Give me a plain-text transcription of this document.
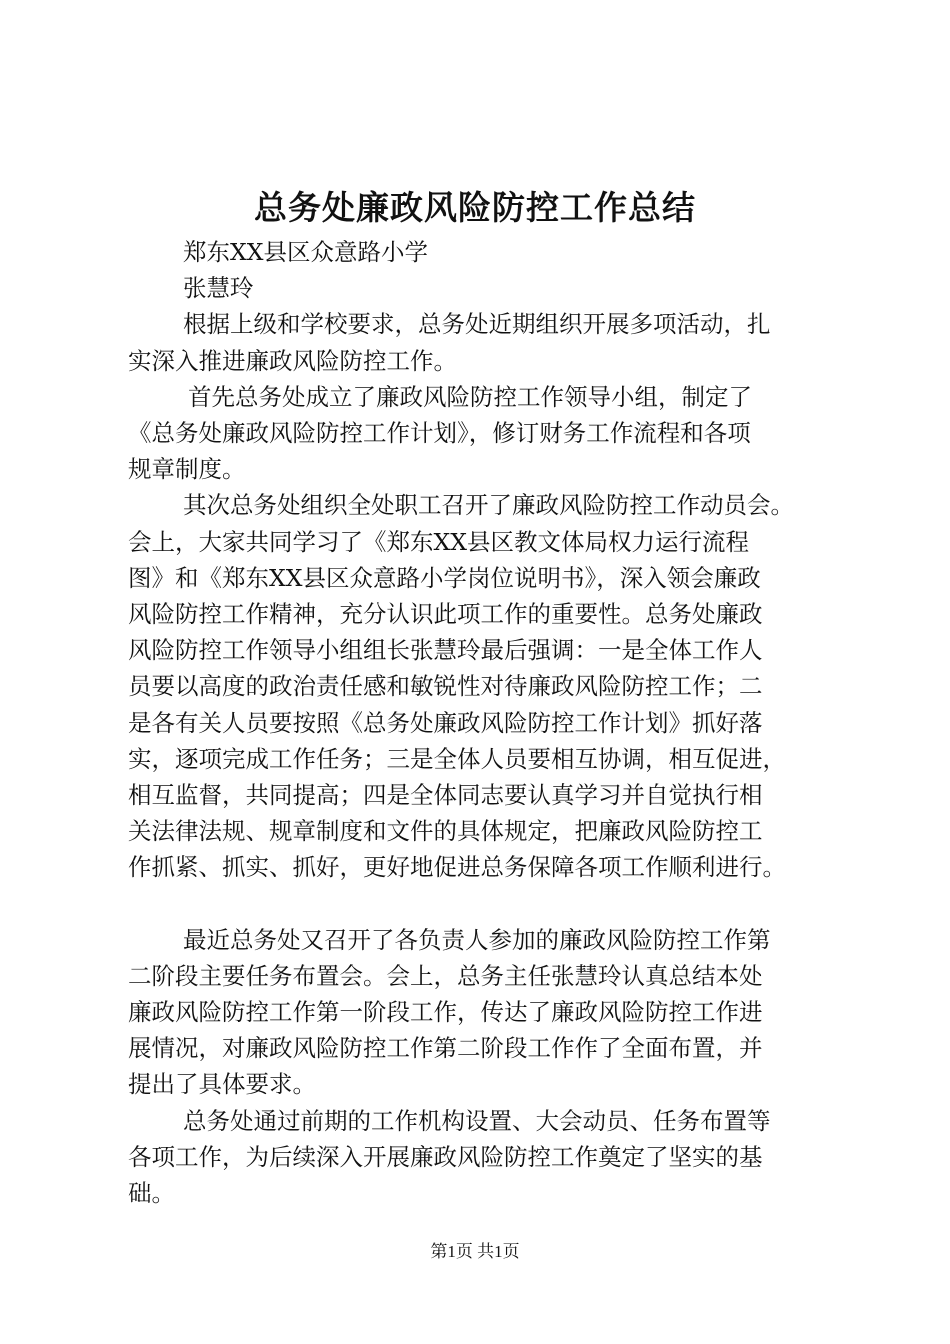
总务处廉政风险防控工作总结
郑东XX县区众意路小学
张慧玲
根据上级和学校要求，总务处近期组织开展多项活动，扎
实深入推进廉政风险防控工作。
首先总务处成立了廉政风险防控工作领导小组，制定了
《总务处廉政风险防控工作计划》，修订财务工作流程和各项
规章制度。
其次总务处组织全处职工召开了廉政风险防控工作动员会。
会上，大家共同学习了《郑东XX县区教文体局权力运行流程
图》和《郑东XX县区众意路小学岗位说明书》，深入领会廉政
风险防控工作精神，充分认识此项工作的重要性。总务处廉政
风险防控工作领导小组组长张慧玲最后强调：一是全体工作人
员要以高度的政治责任感和敏锐性对待廉政风险防控工作；二
是各有关人员要按照《总务处廉政风险防控工作计划》抓好落
实，逐项完成工作任务；三是全体人员要相互协调，相互促进，
相互监督，共同提高；四是全体同志要认真学习并自觉执行相
关法律法规、规章制度和文件的具体规定，把廉政风险防控工
作抓紧、抓实、抓好，更好地促进总务保障各项工作顺利进行。
最近总务处又召开了各负责人参加的廉政风险防控工作第
二阶段主要任务布置会。会上，总务主任张慧玲认真总结本处
廉政风险防控工作第一阶段工作，传达了廉政风险防控工作进
展情况，对廉政风险防控工作第二阶段工作作了全面布置，并
提出了具体要求。
总务处通过前期的工作机构设置、大会动员、任务布置等
各项工作，为后续深入开展廉政风险防控工作奠定了坚实的基
础。
第1页 共1页
